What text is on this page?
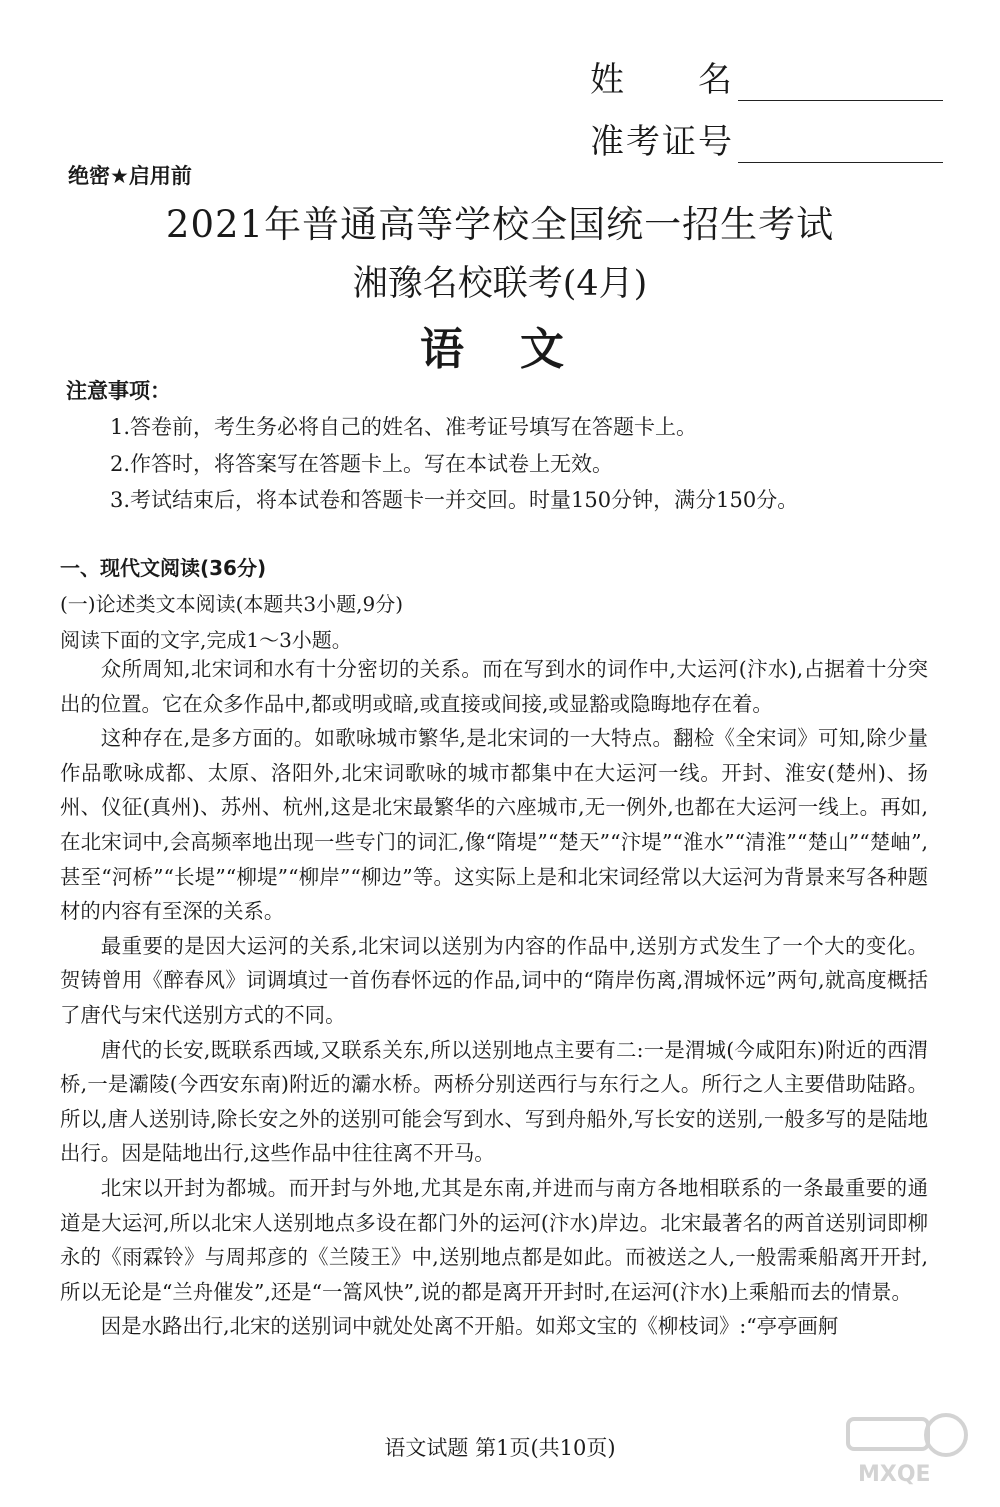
姓　　名
准考证号
绝密★启用前
2021年普通高等学校全国统一招生考试
湘豫名校联考(4月)
语文
注意事项：
1.答卷前，考生务必将自己的姓名、准考证号填写在答题卡上。
2.作答时，将答案写在答题卡上。写在本试卷上无效。
3.考试结束后，将本试卷和答题卡一并交回。时量150分钟，满分150分。
一、现代文阅读(36分)
(一)论述类文本阅读(本题共3小题,9分)
阅读下面的文字,完成1～3小题。

众所周知,北宋词和水有十分密切的关系。而在写到水的词作中,大运河(汴水),占据着十分突出的位置。它在众多作品中,都或明或暗,或直接或间接,或显豁或隐晦地存在着。

这种存在,是多方面的。如歌咏城市繁华,是北宋词的一大特点。翻检《全宋词》可知,除少量作品歌咏成都、太原、洛阳外,北宋词歌咏的城市都集中在大运河一线。开封、淮安(楚州)、扬州、仪征(真州)、苏州、杭州,这是北宋最繁华的六座城市,无一例外,也都在大运河一线上。再如,在北宋词中,会高频率地出现一些专门的词汇,像“隋堤”“楚天”“汴堤”“淮水”“清淮”“楚山”“楚岫”,甚至“河桥”“长堤”“柳堤”“柳岸”“柳边”等。这实际上是和北宋词经常以大运河为背景来写各种题材的内容有至深的关系。

最重要的是因大运河的关系,北宋词以送别为内容的作品中,送别方式发生了一个大的变化。贺铸曾用《醉春风》词调填过一首伤春怀远的作品,词中的“隋岸伤离,渭城怀远”两句,就高度概括了唐代与宋代送别方式的不同。

唐代的长安,既联系西域,又联系关东,所以送别地点主要有二:一是渭城(今咸阳东)附近的西渭桥,一是灞陵(今西安东南)附近的灞水桥。两桥分别送西行与东行之人。所行之人主要借助陆路。所以,唐人送别诗,除长安之外的送别可能会写到水、写到舟船外,写长安的送别,一般多写的是陆地出行。因是陆地出行,这些作品中往往离不开马。

北宋以开封为都城。而开封与外地,尤其是东南,并进而与南方各地相联系的一条最重要的通道是大运河,所以北宋人送别地点多设在都门外的运河(汴水)岸边。北宋最著名的两首送别词即柳永的《雨霖铃》与周邦彦的《兰陵王》中,送别地点都是如此。而被送之人,一般需乘船离开开封,所以无论是“兰舟催发”,还是“一篙风快”,说的都是离开开封时,在运河(汴水)上乘船而去的情景。

因是水路出行,北宋的送别词中就处处离不开船。如郑文宝的《柳枝词》:“亭亭画舸

语文试题 第1页(共10页)
MXQE
